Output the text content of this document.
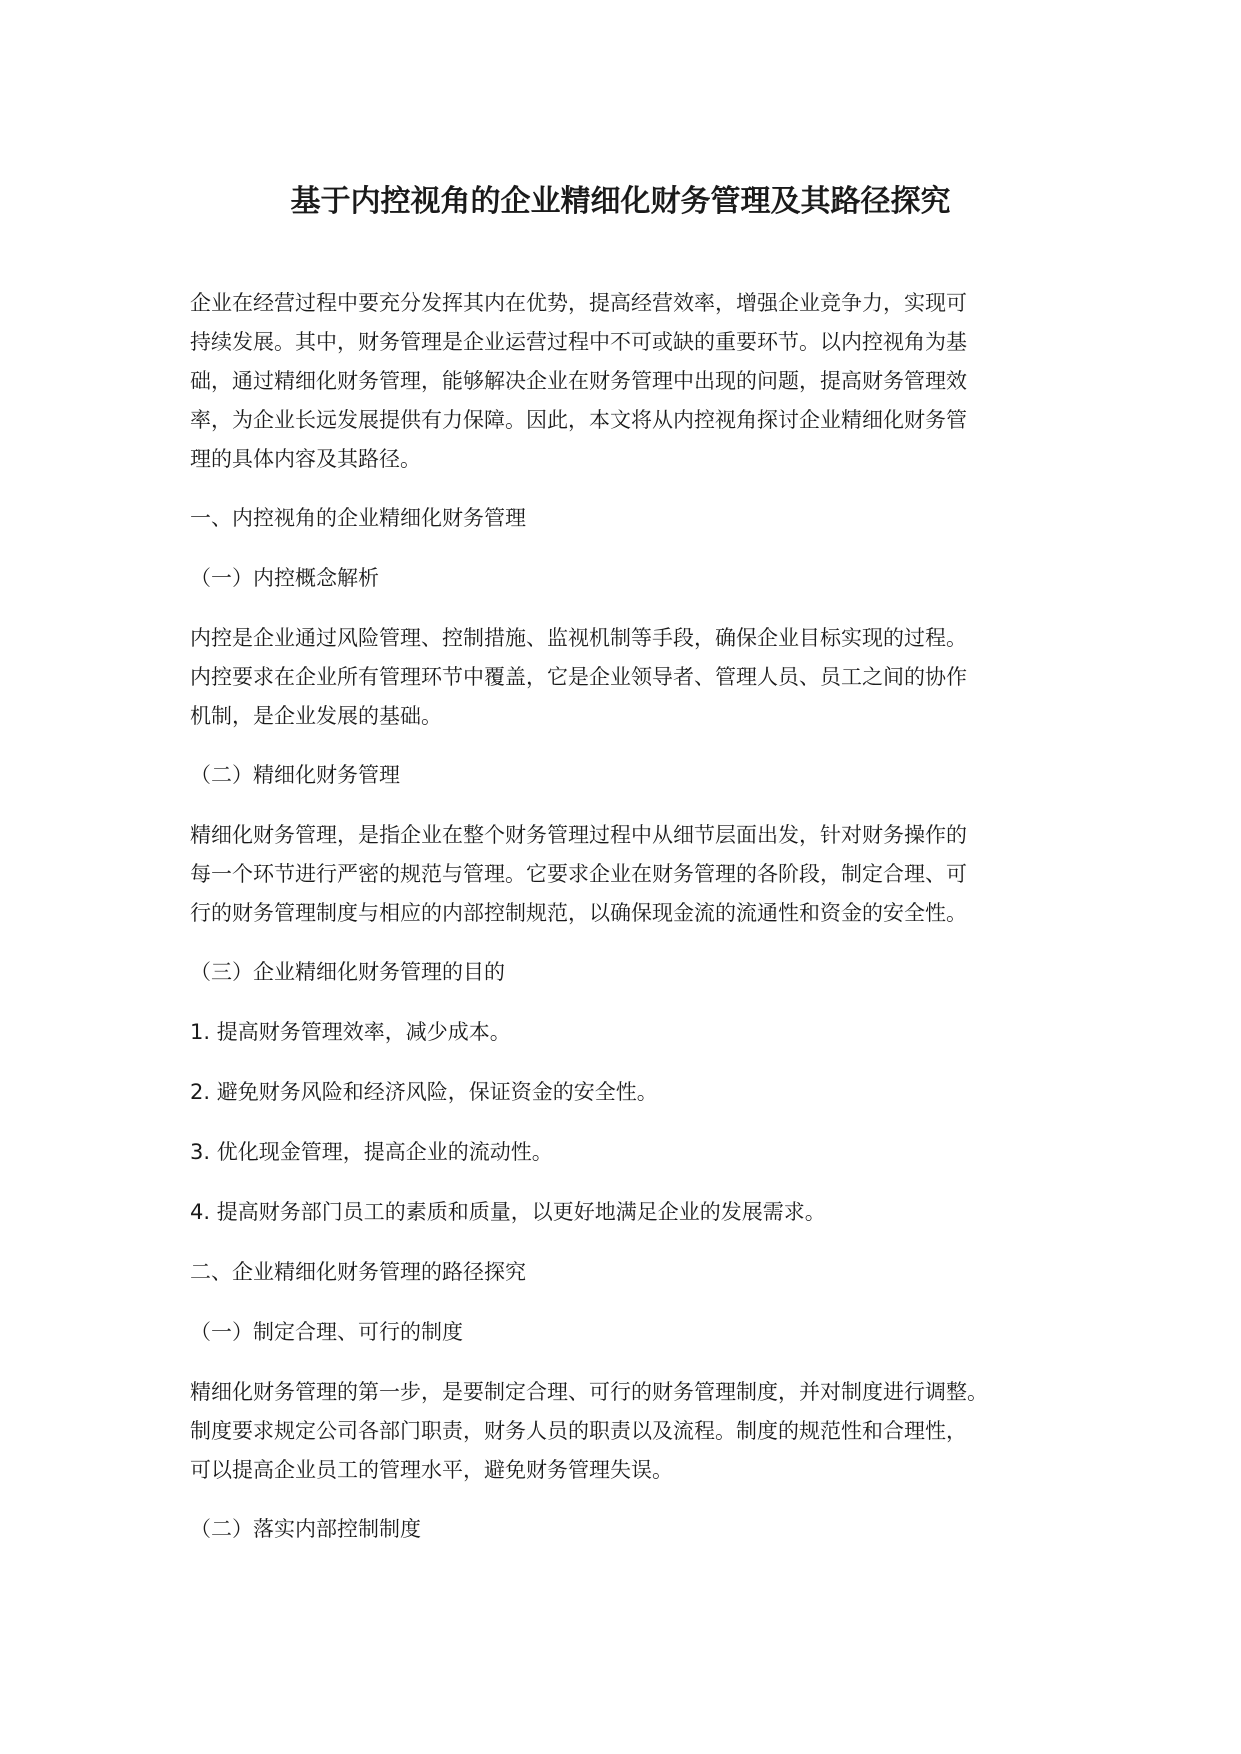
基于内控视角的企业精细化财务管理及其路径探究

企业在经营过程中要充分发挥其内在优势，提高经营效率，增强企业竞争力，实现可
持续发展。其中，财务管理是企业运营过程中不可或缺的重要环节。以内控视角为基
础，通过精细化财务管理，能够解决企业在财务管理中出现的问题，提高财务管理效
率，为企业长远发展提供有力保障。因此，本文将从内控视角探讨企业精细化财务管
理的具体内容及其路径。

一、内控视角的企业精细化财务管理

（一）内控概念解析

内控是企业通过风险管理、控制措施、监视机制等手段，确保企业目标实现的过程。
内控要求在企业所有管理环节中覆盖，它是企业领导者、管理人员、员工之间的协作
机制，是企业发展的基础。

（二）精细化财务管理

精细化财务管理，是指企业在整个财务管理过程中从细节层面出发，针对财务操作的
每一个环节进行严密的规范与管理。它要求企业在财务管理的各阶段，制定合理、可
行的财务管理制度与相应的内部控制规范，以确保现金流的流通性和资金的安全性。

（三）企业精细化财务管理的目的

1. 提高财务管理效率，减少成本。

2. 避免财务风险和经济风险，保证资金的安全性。

3. 优化现金管理，提高企业的流动性。

4. 提高财务部门员工的素质和质量，以更好地满足企业的发展需求。

二、企业精细化财务管理的路径探究

（一）制定合理、可行的制度

精细化财务管理的第一步，是要制定合理、可行的财务管理制度，并对制度进行调整。
制度要求规定公司各部门职责，财务人员的职责以及流程。制度的规范性和合理性，
可以提高企业员工的管理水平，避免财务管理失误。

（二）落实内部控制制度
